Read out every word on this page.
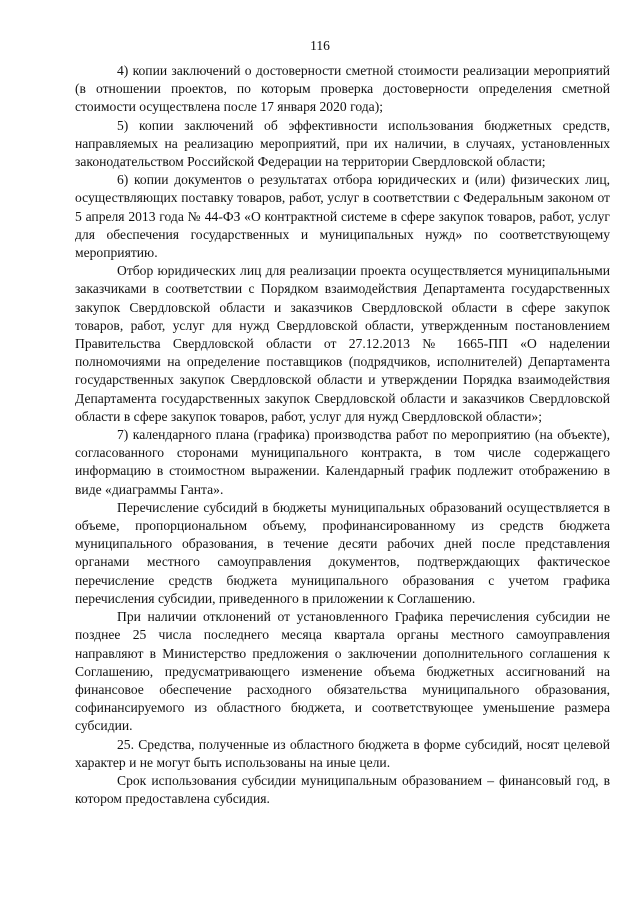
116

4) копии заключений о достоверности сметной стоимости реализации мероприятий (в отношении проектов, по которым проверка достоверности определения сметной стоимости осуществлена после 17 января 2020 года);

5) копии заключений об эффективности использования бюджетных средств, направляемых на реализацию мероприятий, при их наличии, в случаях, установленных законодательством Российской Федерации на территории Свердловской области;

6) копии документов о результатах отбора юридических и (или) физических лиц, осуществляющих поставку товаров, работ, услуг в соответствии с Федеральным законом от 5 апреля 2013 года № 44-ФЗ «О контрактной системе в сфере закупок товаров, работ, услуг для обеспечения государственных и муниципальных нужд» по соответствующему мероприятию.

Отбор юридических лиц для реализации проекта осуществляется муниципальными заказчиками в соответствии с Порядком взаимодействия Департамента государственных закупок Свердловской области и заказчиков Свердловской области в сфере закупок товаров, работ, услуг для нужд Свердловской области, утвержденным постановлением Правительства Свердловской области от 27.12.2013 № 1665-ПП «О наделении полномочиями на определение поставщиков (подрядчиков, исполнителей) Департамента государственных закупок Свердловской области и утверждении Порядка взаимодействия Департамента государственных закупок Свердловской области и заказчиков Свердловской области в сфере закупок товаров, работ, услуг для нужд Свердловской области»;

7) календарного плана (графика) производства работ по мероприятию (на объекте), согласованного сторонами муниципального контракта, в том числе содержащего информацию в стоимостном выражении. Календарный график подлежит отображению в виде «диаграммы Ганта».

Перечисление субсидий в бюджеты муниципальных образований осуществляется в объеме, пропорциональном объему, профинансированному из средств бюджета муниципального образования, в течение десяти рабочих дней после представления органами местного самоуправления документов, подтверждающих фактическое перечисление средств бюджета муниципального образования с учетом графика перечисления субсидии, приведенного в приложении к Соглашению.

При наличии отклонений от установленного Графика перечисления субсидии не позднее 25 числа последнего месяца квартала органы местного самоуправления направляют в Министерство предложения о заключении дополнительного соглашения к Соглашению, предусматривающего изменение объема бюджетных ассигнований на финансовое обеспечение расходного обязательства муниципального образования, софинансируемого из областного бюджета, и соответствующее уменьшение размера субсидии.

25. Средства, полученные из областного бюджета в форме субсидий, носят целевой характер и не могут быть использованы на иные цели.

Срок использования субсидии муниципальным образованием – финансовый год, в котором предоставлена субсидия.
